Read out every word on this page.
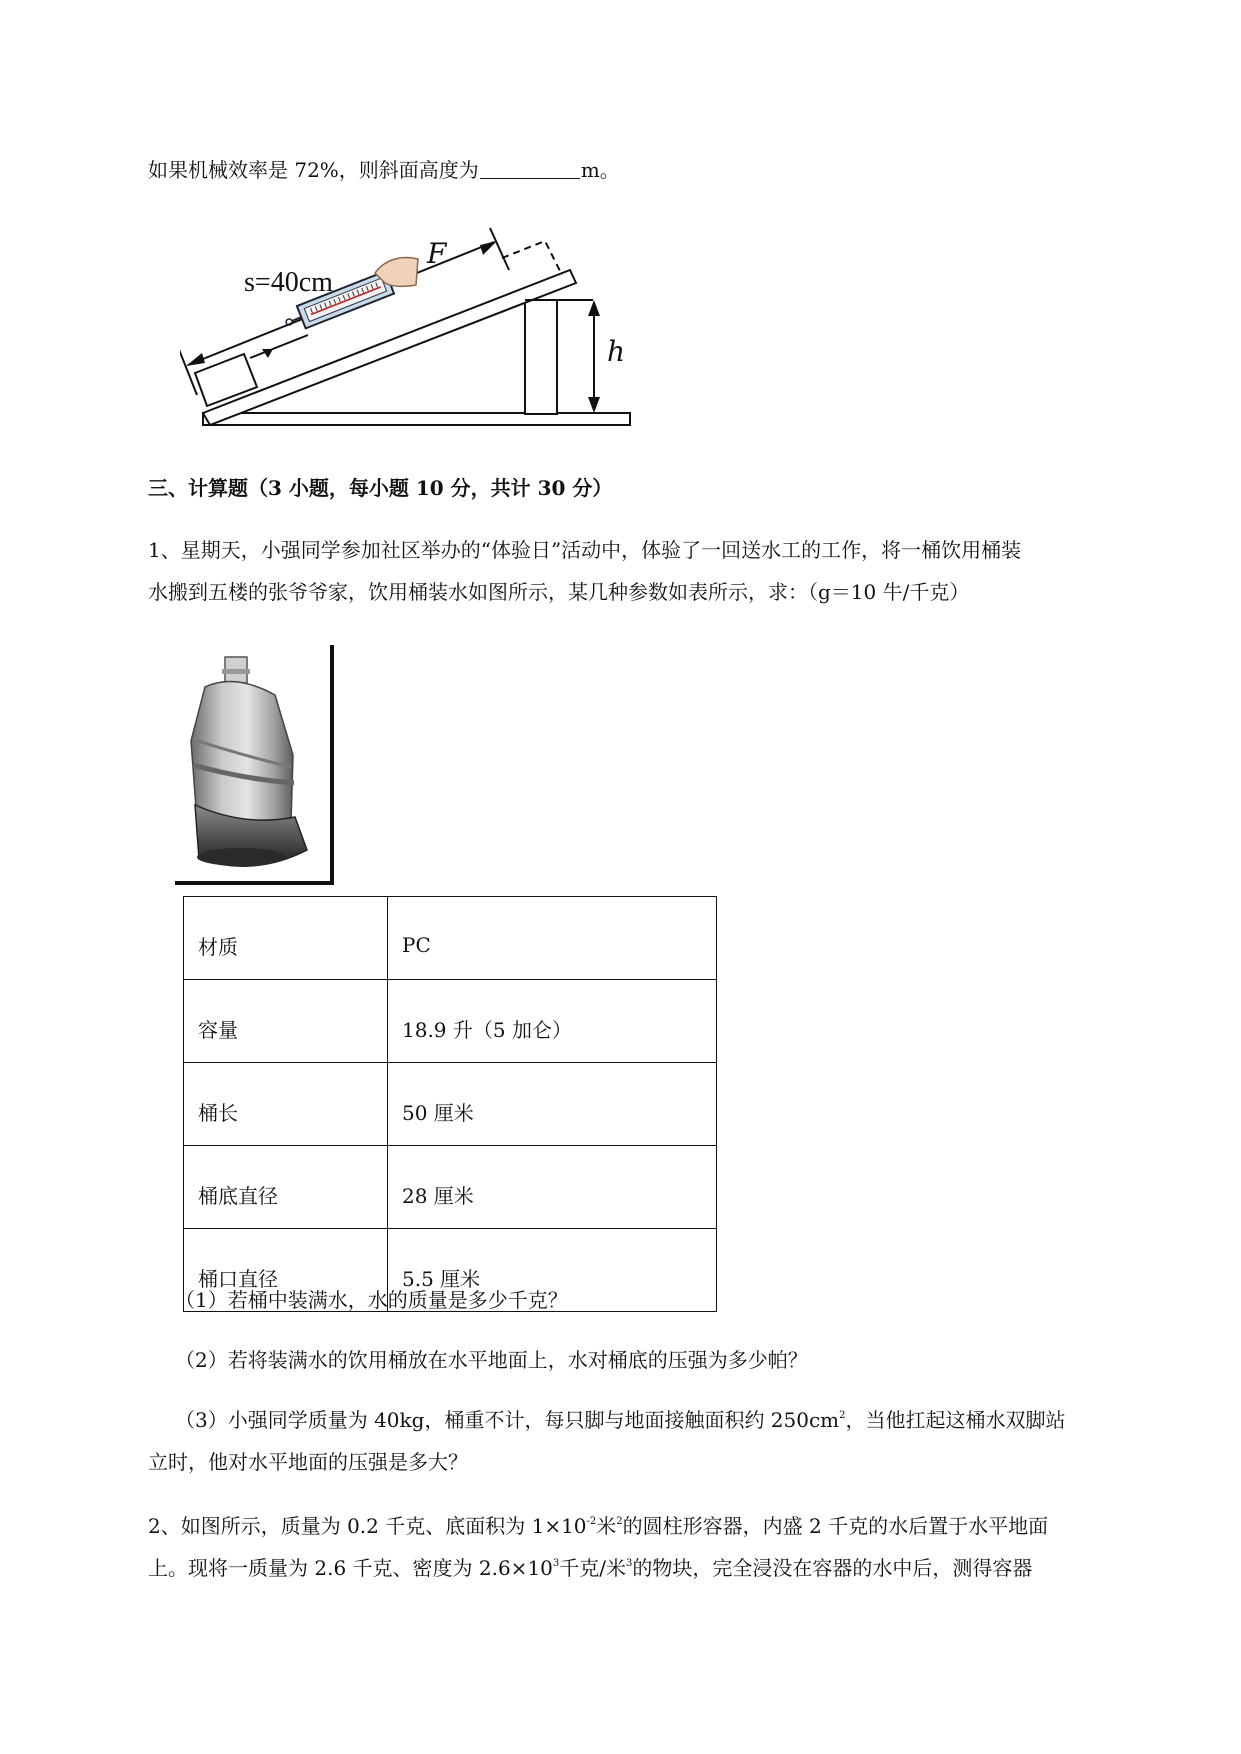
如果机械效率是 72%，则斜面高度为	m。
F
s=40cm
h
三、计算题（3 小题，每小题 10 分，共计 30 分）
1、星期天，小强同学参加社区举办的“体验日”活动中，体验了一回送水工的工作，将一桶饮用桶装
水搬到五楼的张爷爷家，饮用桶装水如图所示，某几种参数如表所示，求：（g＝10 牛/千克）
材质	PC
容量	18.9 升（5 加仑）
桶长	50 厘米
桶底直径	28 厘米
桶口直径	5.5 厘米
（1）若桶中装满水，水的质量是多少千克？
（2）若将装满水的饮用桶放在水平地面上，水对桶底的压强为多少帕？
（3）小强同学质量为 40kg，桶重不计，每只脚与地面接触面积约 $250cm^2$，当他扛起这桶水双脚站
立时，他对水平地面的压强是多大？
2、如图所示，质量为 0.2 千克、底面积为 $1\times 10^{-2}$米$^2$的圆柱形容器，内盛 2 千克的水后置于水平地面
上。现将一质量为 2.6 千克、密度为 $2.6\times 10^3$千克/米$^3$的物块，完全浸没在容器的水中后，测得容器
